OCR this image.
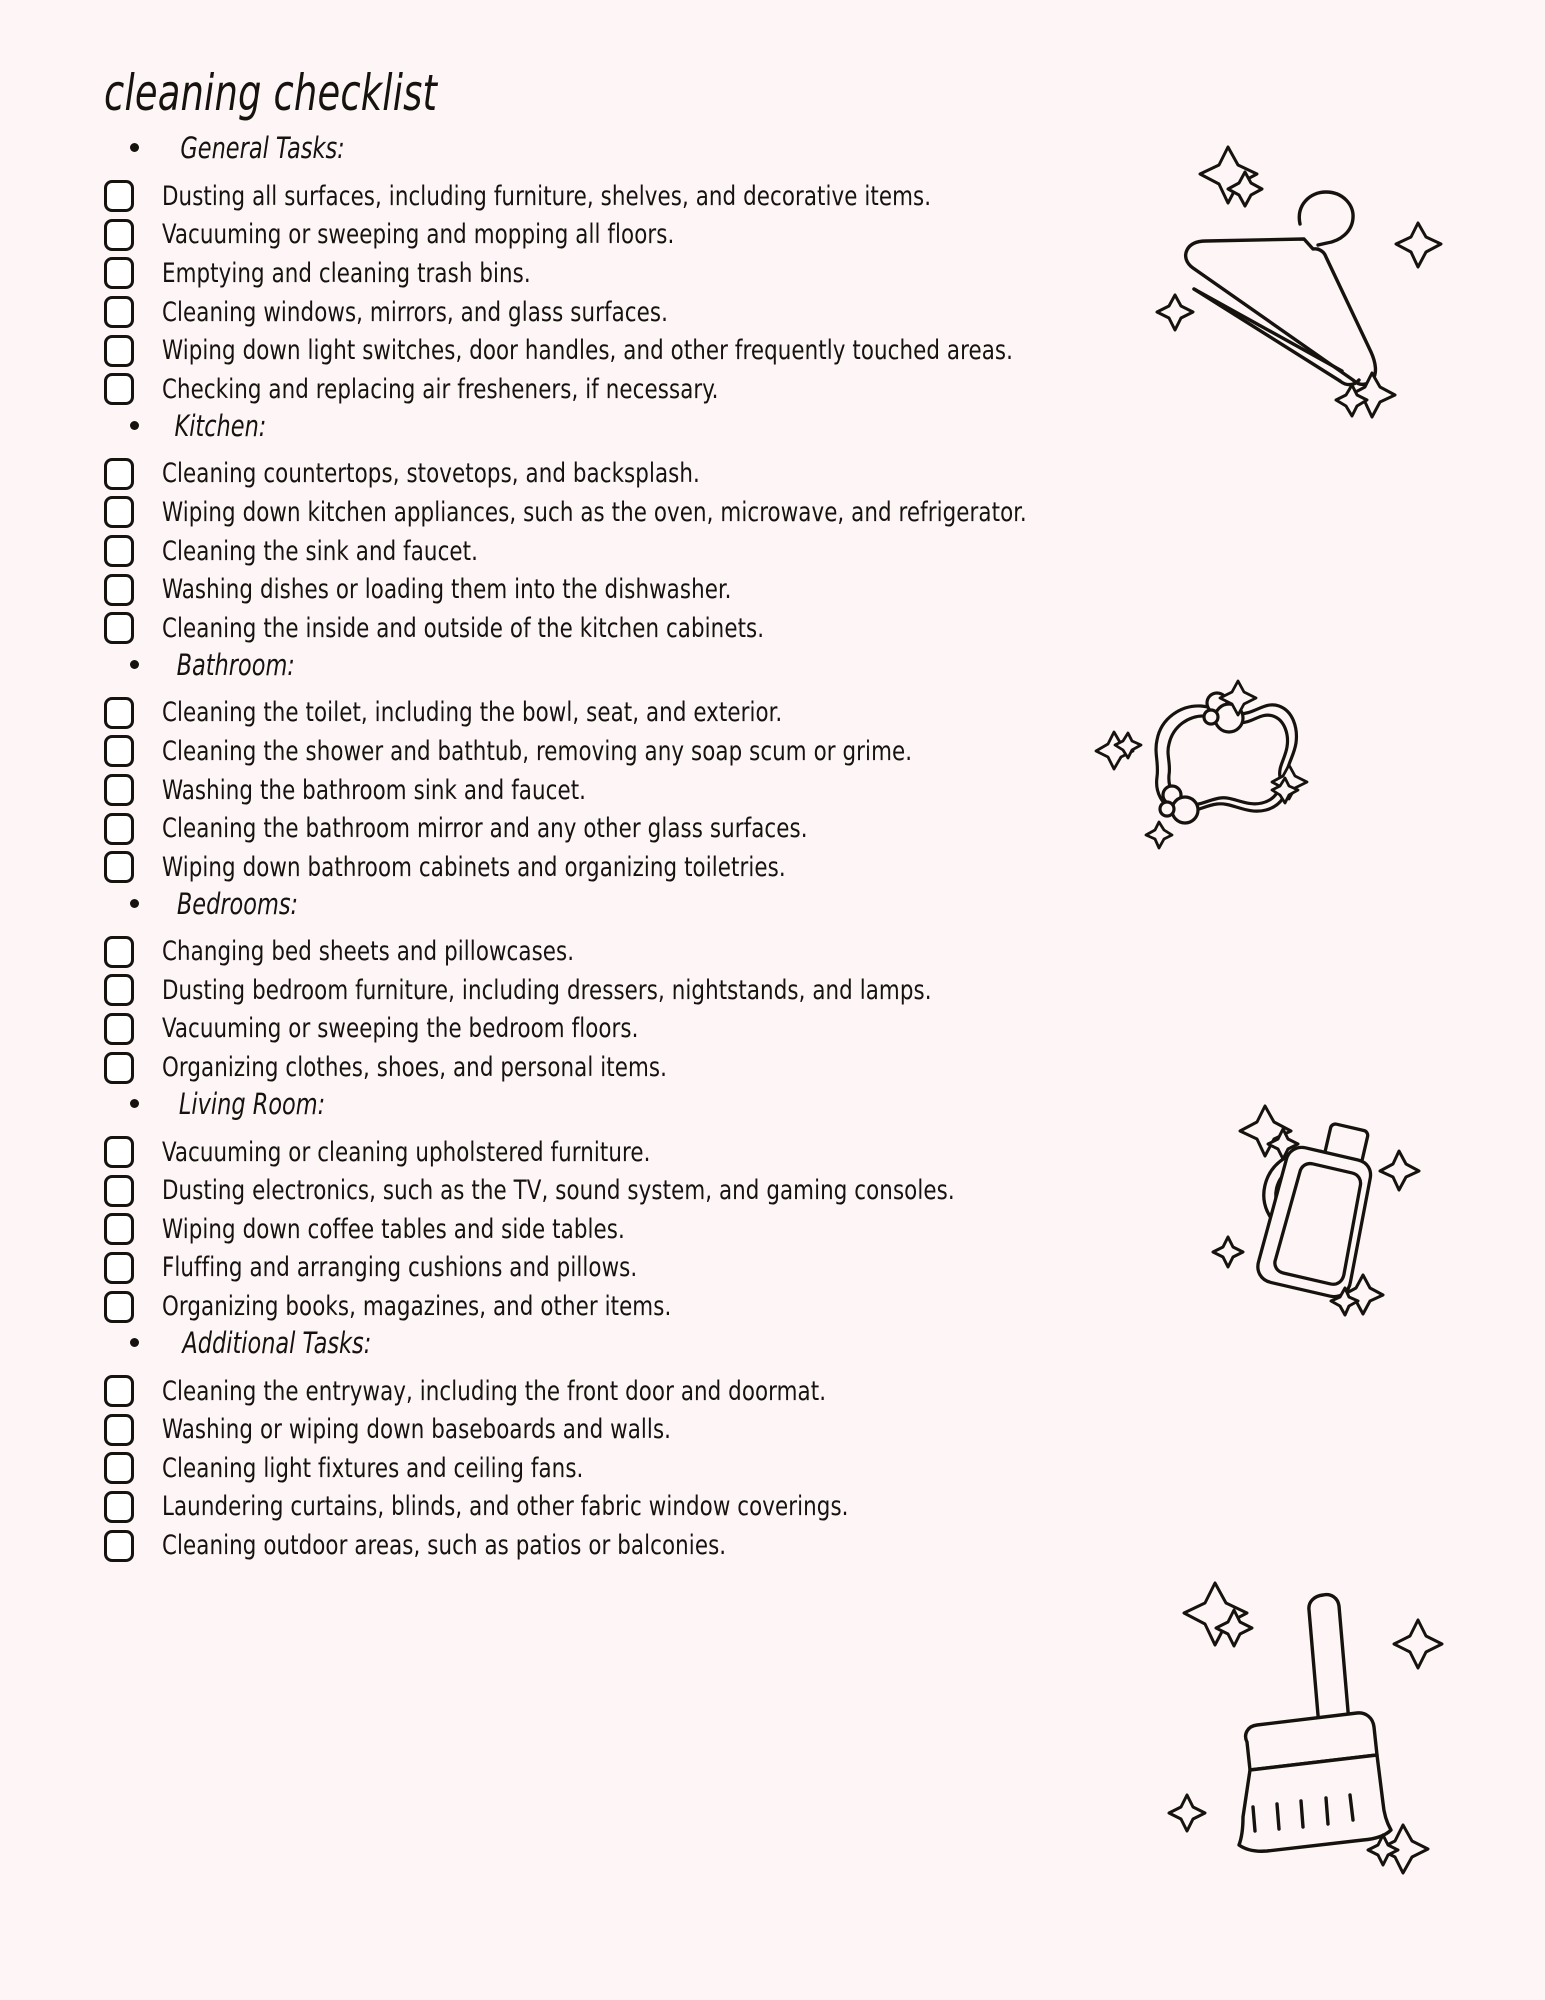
cleaning checklist
General Tasks:
Dusting all surfaces, including furniture, shelves, and decorative items.
Vacuuming or sweeping and mopping all floors.
Emptying and cleaning trash bins.
Cleaning windows, mirrors, and glass surfaces.
Wiping down light switches, door handles, and other frequently touched areas.
Checking and replacing air fresheners, if necessary.
Kitchen:
Cleaning countertops, stovetops, and backsplash.
Wiping down kitchen appliances, such as the oven, microwave, and refrigerator.
Cleaning the sink and faucet.
Washing dishes or loading them into the dishwasher.
Cleaning the inside and outside of the kitchen cabinets.
Bathroom:
Cleaning the toilet, including the bowl, seat, and exterior.
Cleaning the shower and bathtub, removing any soap scum or grime.
Washing the bathroom sink and faucet.
Cleaning the bathroom mirror and any other glass surfaces.
Wiping down bathroom cabinets and organizing toiletries.
Bedrooms:
Changing bed sheets and pillowcases.
Dusting bedroom furniture, including dressers, nightstands, and lamps.
Vacuuming or sweeping the bedroom floors.
Organizing clothes, shoes, and personal items.
Living Room:
Vacuuming or cleaning upholstered furniture.
Dusting electronics, such as the TV, sound system, and gaming consoles.
Wiping down coffee tables and side tables.
Fluffing and arranging cushions and pillows.
Organizing books, magazines, and other items.
Additional Tasks:
Cleaning the entryway, including the front door and doormat.
Washing or wiping down baseboards and walls.
Cleaning light fixtures and ceiling fans.
Laundering curtains, blinds, and other fabric window coverings.
Cleaning outdoor areas, such as patios or balconies.
